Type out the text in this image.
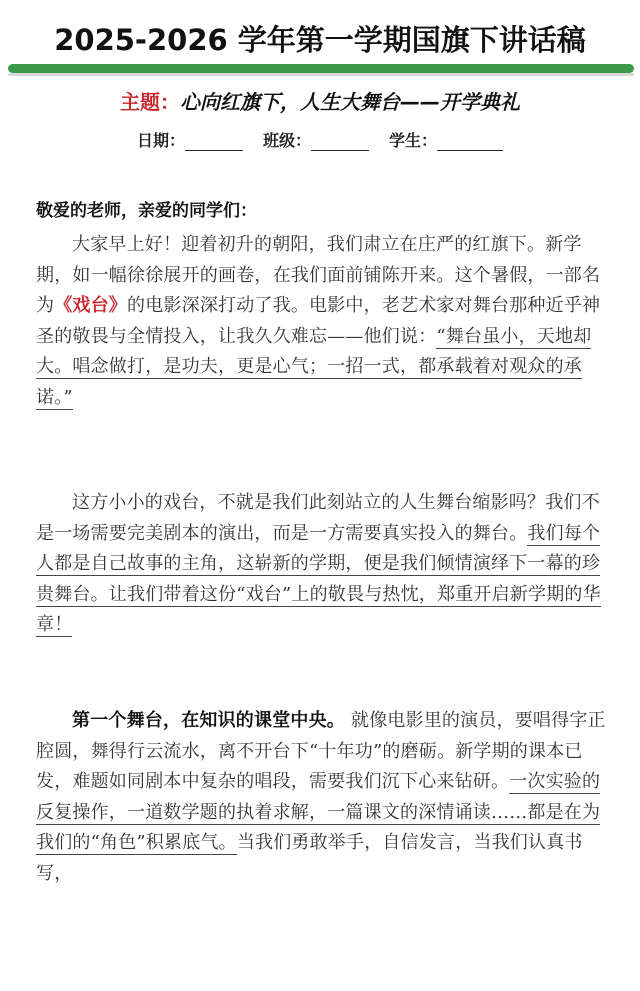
2025-2026 学年第一学期国旗下讲话稿
主题：心向红旗下，人生大舞台——开学典礼
日期：	班级：	学生：
敬爱的老师，亲爱的同学们：

大家早上好！迎着初升的朝阳，我们肃立在庄严的红旗下。新学期，如一幅徐徐展开的画卷，在我们面前铺陈开来。这个暑假，一部名为《戏台》的电影深深打动了我。电影中，老艺术家对舞台那种近乎神圣的敬畏与全情投入，让我久久难忘——他们说：“舞台虽小，天地却大。唱念做打，是功夫，更是心气；一招一式，都承载着对观众的承诺。”

这方小小的戏台，不就是我们此刻站立的人生舞台缩影吗？我们不是一场需要完美剧本的演出，而是一方需要真实投入的舞台。我们每个人都是自己故事的主角，这崭新的学期，便是我们倾情演绎下一幕的珍贵舞台。让我们带着这份“戏台”上的敬畏与热忱，郑重开启新学期的华章！

第一个舞台，在知识的课堂中央。 就像电影里的演员，要唱得字正腔圆，舞得行云流水，离不开台下“十年功”的磨砺。新学期的课本已发，难题如同剧本中复杂的唱段，需要我们沉下心来钻研。一次实验的反复操作，一道数学题的执着求解，一篇课文的深情诵读……都是在为我们的“角色”积累底气。当我们勇敢举手，自信发言，当我们认真书写，
